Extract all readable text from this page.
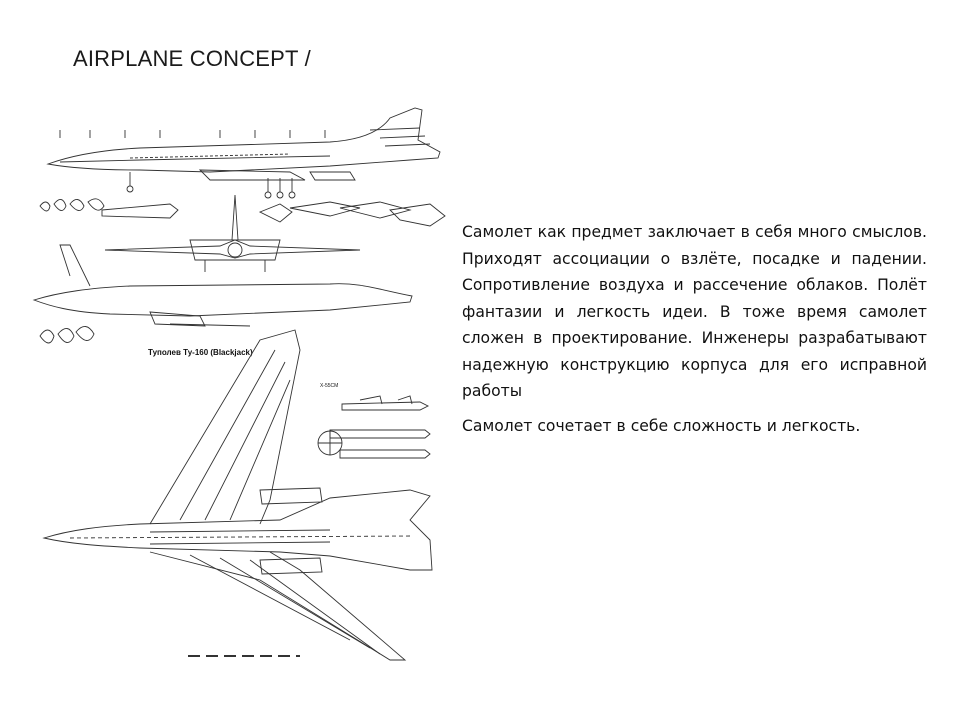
AIRPLANE CONCEPT /
Туполев Ту-160 (Blackjack)
Х-55СМ

Самолет как предмет заключает в себя много смыслов. Приходят ассоциации о взлёте, посадке и падении. Сопротивление воздуха и рассечение облаков. Полёт фантазии и легкость идеи. В тоже время самолет сложен в проектирование. Инженеры разрабатывают надежную конструкцию корпуса для его исправной работы

Самолет сочетает в себе сложность и легкость.
